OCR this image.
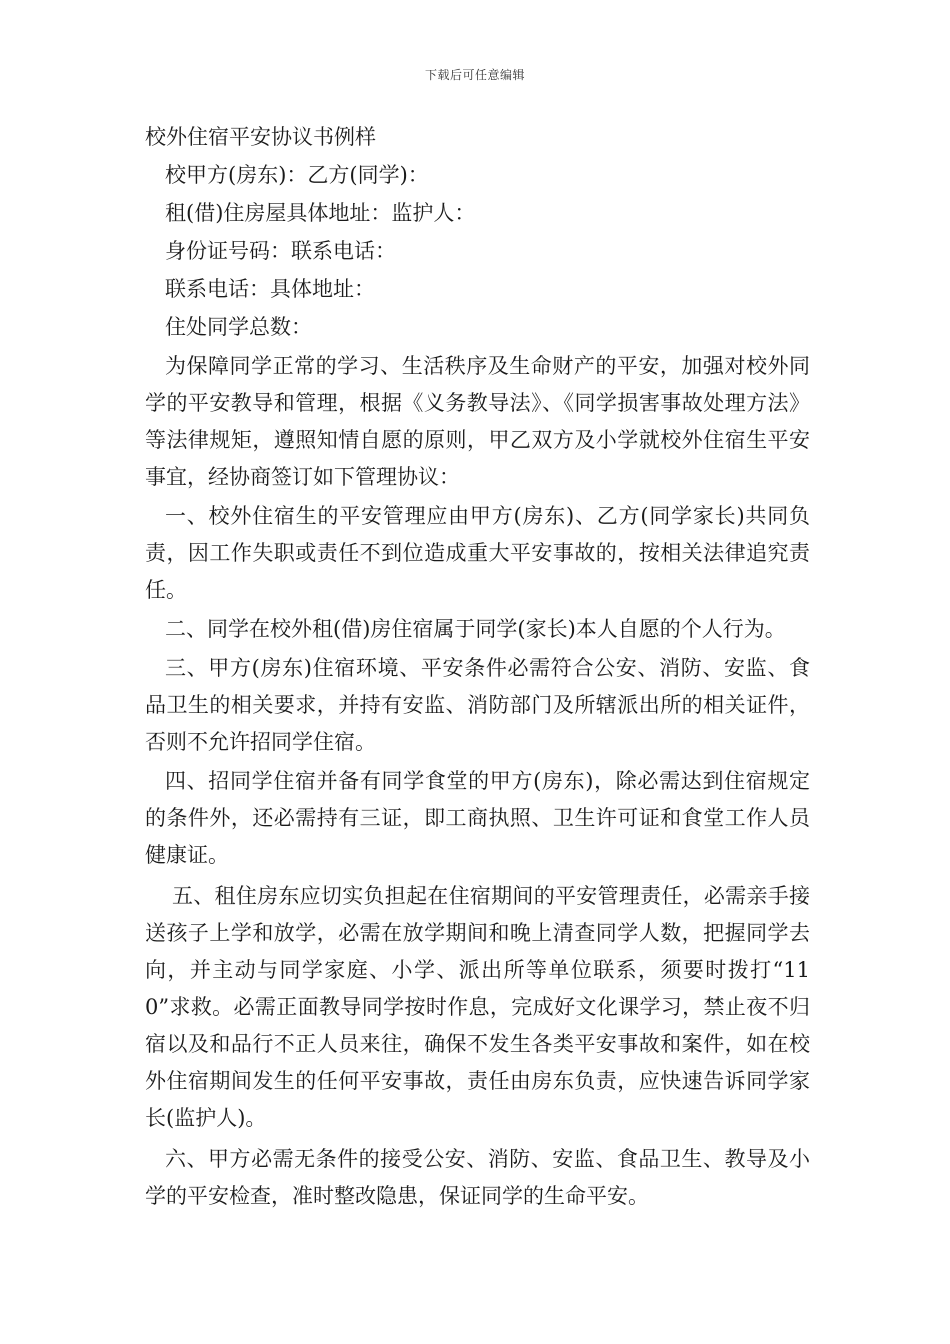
下载后可任意编辑

校外住宿平安协议书例样

校甲方(房东)：乙方(同学)：

租(借)住房屋具体地址：监护人：

身份证号码：联系电话：

联系电话：具体地址：

住处同学总数：

为保障同学正常的学习、生活秩序及生命财产的平安，加强对校外同学的平安教导和管理，根据《义务教导法》、《同学损害事故处理方法》等法律规矩，遵照知情自愿的原则，甲乙双方及小学就校外住宿生平安事宜，经协商签订如下管理协议：

一、校外住宿生的平安管理应由甲方(房东)、乙方(同学家长)共同负责，因工作失职或责任不到位造成重大平安事故的，按相关法律追究责任。

二、同学在校外租(借)房住宿属于同学(家长)本人自愿的个人行为。

三、甲方(房东)住宿环境、平安条件必需符合公安、消防、安监、食品卫生的相关要求，并持有安监、消防部门及所辖派出所的相关证件，否则不允许招同学住宿。

四、招同学住宿并备有同学食堂的甲方(房东)，除必需达到住宿规定的条件外，还必需持有三证，即工商执照、卫生许可证和食堂工作人员健康证。

五、租住房东应切实负担起在住宿期间的平安管理责任，必需亲手接送孩子上学和放学，必需在放学期间和晚上清查同学人数，把握同学去向，并主动与同学家庭、小学、派出所等单位联系，须要时拨打“110”求救。必需正面教导同学按时作息，完成好文化课学习，禁止夜不归宿以及和品行不正人员来往，确保不发生各类平安事故和案件，如在校外住宿期间发生的任何平安事故，责任由房东负责，应快速告诉同学家长(监护人)。

六、甲方必需无条件的接受公安、消防、安监、食品卫生、教导及小学的平安检查，准时整改隐患，保证同学的生命平安。
